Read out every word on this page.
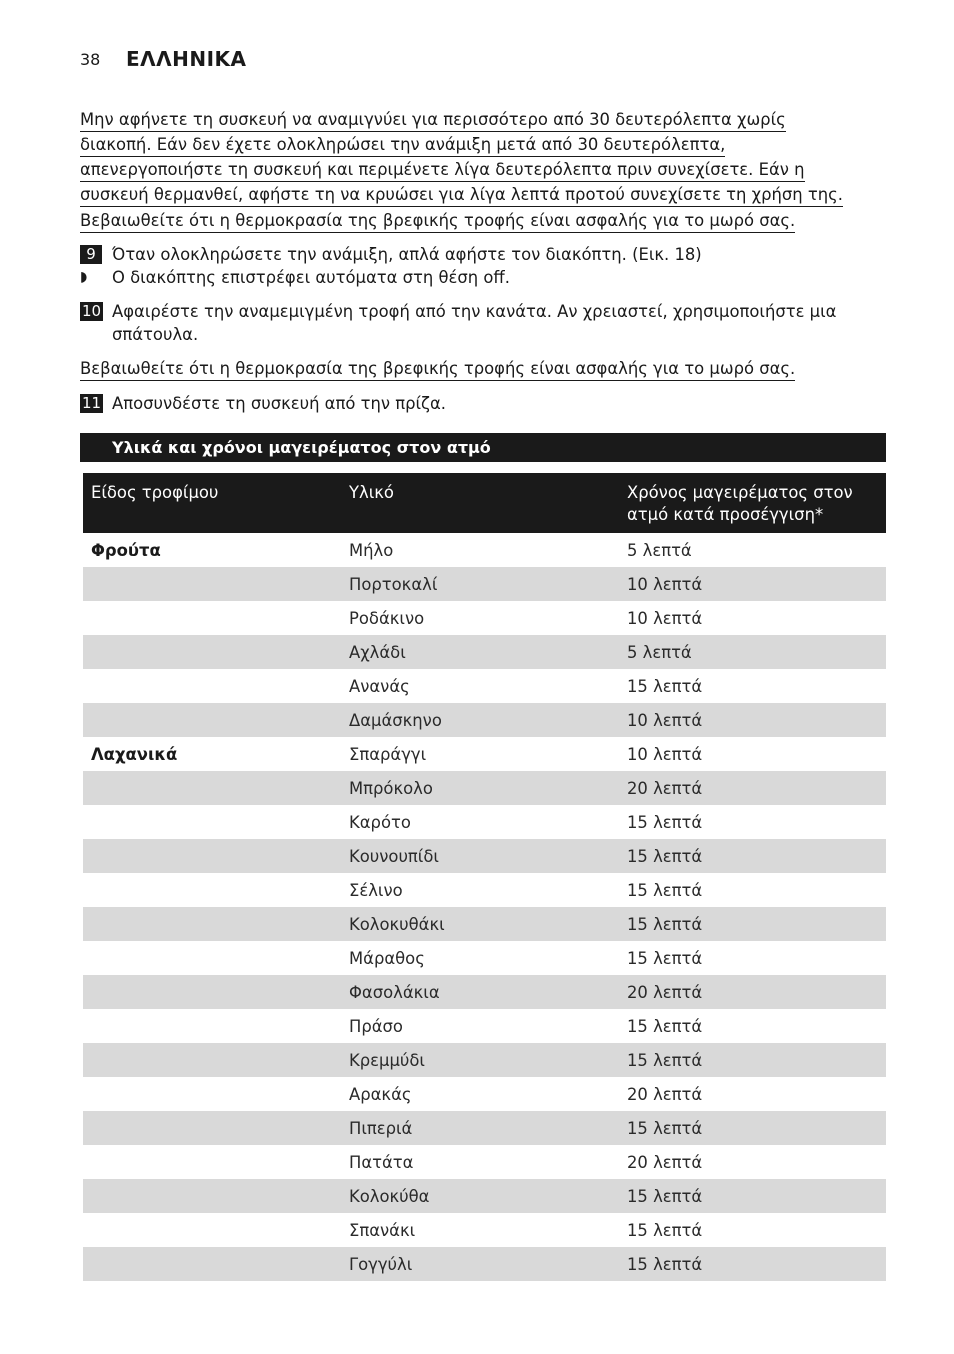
38 ΕΛΛΗΝΙΚΑ
Μην αφήνετε τη συσκευή να αναμιγνύει για περισσότερο από 30 δευτερόλεπτα χωρίς
διακοπή. Εάν δεν έχετε ολοκληρώσει την ανάμιξη μετά από 30 δευτερόλεπτα,
απενεργοποιήστε τη συσκευή και περιμένετε λίγα δευτερόλεπτα πριν συνεχίσετε. Εάν η
συσκευή θερμανθεί, αφήστε τη να κρυώσει για λίγα λεπτά προτού συνεχίσετε τη χρήση της.
Βεβαιωθείτε ότι η θερμοκρασία της βρεφικής τροφής είναι ασφαλής για το μωρό σας.
9 Όταν ολοκληρώσετε την ανάμιξη, απλά αφήστε τον διακόπτη. (Εικ. 18)
◗ Ο διακόπτης επιστρέφει αυτόματα στη θέση off.
10 Αφαιρέστε την αναμεμιγμένη τροφή από την κανάτα. Αν χρειαστεί, χρησιμοποιήστε μια σπάτουλα.
Βεβαιωθείτε ότι η θερμοκρασία της βρεφικής τροφής είναι ασφαλής για το μωρό σας.
11 Αποσυνδέστε τη συσκευή από την πρίζα.
Υλικά και χρόνοι μαγειρέματος στον ατμό
Είδος τροφίμου	Υλικό	Χρόνος μαγειρέματος στον ατμό κατά προσέγγιση*
Φρούτα	Μήλο	5 λεπτά
	Πορτοκαλί	10 λεπτά
	Ροδάκινο	10 λεπτά
	Αχλάδι	5 λεπτά
	Ανανάς	15 λεπτά
	Δαμάσκηνο	10 λεπτά
Λαχανικά	Σπαράγγι	10 λεπτά
	Μπρόκολο	20 λεπτά
	Καρότο	15 λεπτά
	Κουνουπίδι	15 λεπτά
	Σέλινο	15 λεπτά
	Κολοκυθάκι	15 λεπτά
	Μάραθος	15 λεπτά
	Φασολάκια	20 λεπτά
	Πράσο	15 λεπτά
	Κρεμμύδι	15 λεπτά
	Αρακάς	20 λεπτά
	Πιπεριά	15 λεπτά
	Πατάτα	20 λεπτά
	Κολοκύθα	15 λεπτά
	Σπανάκι	15 λεπτά
	Γογγύλι	15 λεπτά
